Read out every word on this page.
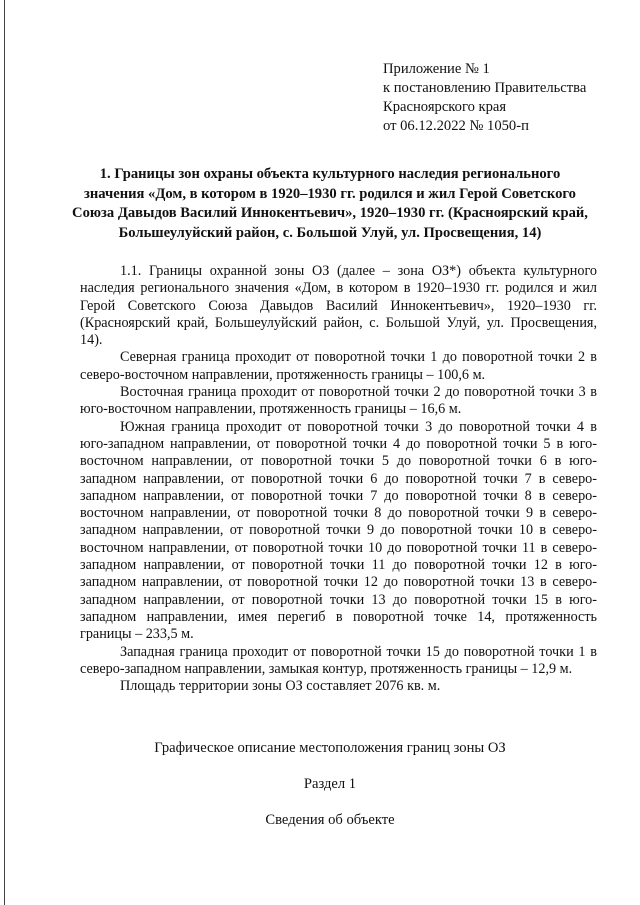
Приложение № 1
к постановлению Правительства
Красноярского края
от 06.12.2022 № 1050-п
1. Границы зон охраны объекта культурного наследия регионального значения «Дом, в котором в 1920–1930 гг. родился и жил Герой Советского Союза Давыдов Василий Иннокентьевич», 1920–1930 гг. (Красноярский край, Большеулуйский район, с. Большой Улуй, ул. Просвещения, 14)

1.1. Границы охранной зоны ОЗ (далее – зона ОЗ*) объекта культурного наследия регионального значения «Дом, в котором в 1920–1930 гг. родился и жил Герой Советского Союза Давыдов Василий Иннокентьевич», 1920–1930 гг. (Красноярский край, Большеулуйский район, с. Большой Улуй, ул. Просвещения, 14).

Северная граница проходит от поворотной точки 1 до поворотной точки 2 в северо-восточном направлении, протяженность границы – 100,6 м.

Восточная граница проходит от поворотной точки 2 до поворотной точки 3 в юго-восточном направлении, протяженность границы – 16,6 м.

Южная граница проходит от поворотной точки 3 до поворотной точки 4 в юго-западном направлении, от поворотной точки 4 до поворотной точки 5 в юго-восточном направлении, от поворотной точки 5 до поворотной точки 6 в юго-западном направлении, от поворотной точки 6 до поворотной точки 7 в северо-западном направлении, от поворотной точки 7 до поворотной точки 8 в северо-восточном направлении, от поворотной точки 8 до поворотной точки 9 в северо-западном направлении, от поворотной точки 9 до поворотной точки 10 в северо-восточном направлении, от поворотной точки 10 до поворотной точки 11 в северо-западном направлении, от поворотной точки 11 до поворотной точки 12 в юго-западном направлении, от поворотной точки 12 до поворотной точки 13 в северо-западном направлении, от поворотной точки 13 до поворотной точки 15 в юго-западном направлении, имея перегиб в поворотной точке 14, протяженность границы – 233,5 м.

Западная граница проходит от поворотной точки 15 до поворотной точки 1 в северо-западном направлении, замыкая контур, протяженность границы – 12,9 м.

Площадь территории зоны ОЗ составляет 2076 кв. м.

Графическое описание местоположения границ зоны ОЗ
Раздел 1
Сведения об объекте
